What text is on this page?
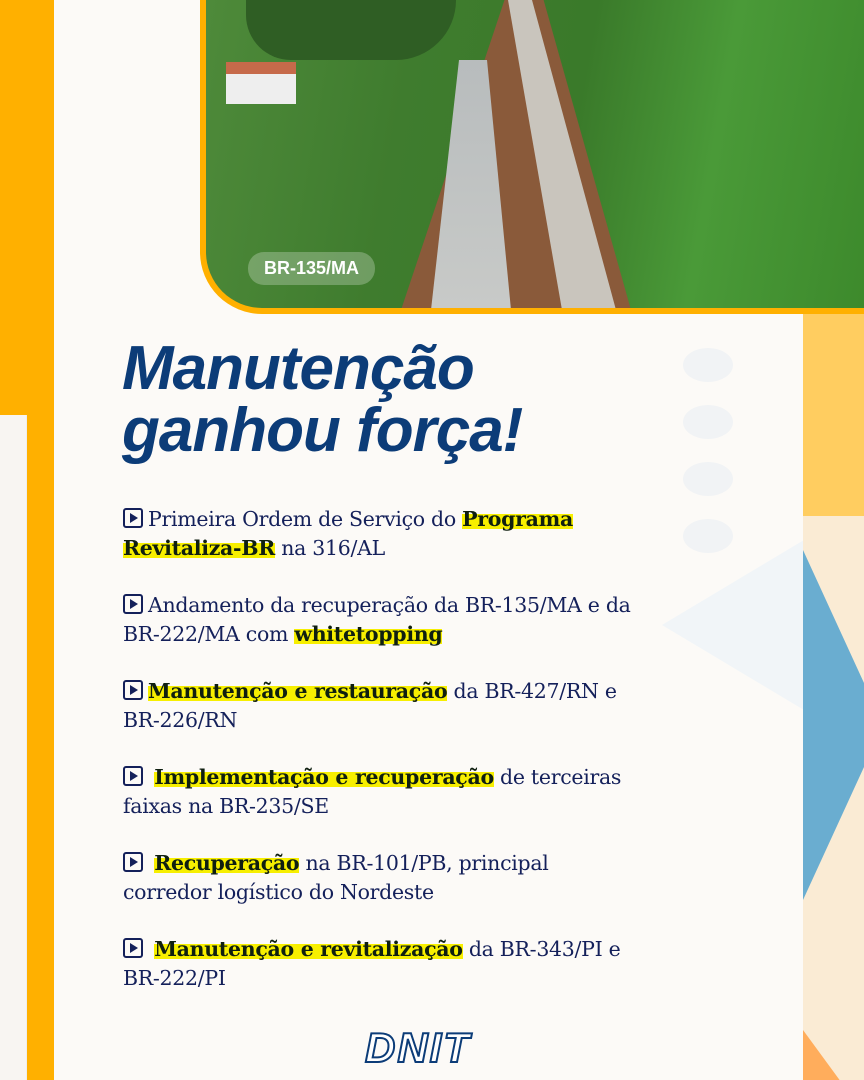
BR-135/MA
Manutenção
ganhou força!
Primeira Ordem de Serviço do Programa Revitaliza-BR na 316/AL
Andamento da recuperação da BR-135/MA e da BR-222/MA com whitetopping
Manutenção e restauração da BR-427/RN e BR-226/RN
Implementação e recuperação de terceiras faixas na BR-235/SE
Recuperação na BR-101/PB, principal corredor logístico do Nordeste
Manutenção e revitalização da BR-343/PI e BR-222/PI
DNIT
